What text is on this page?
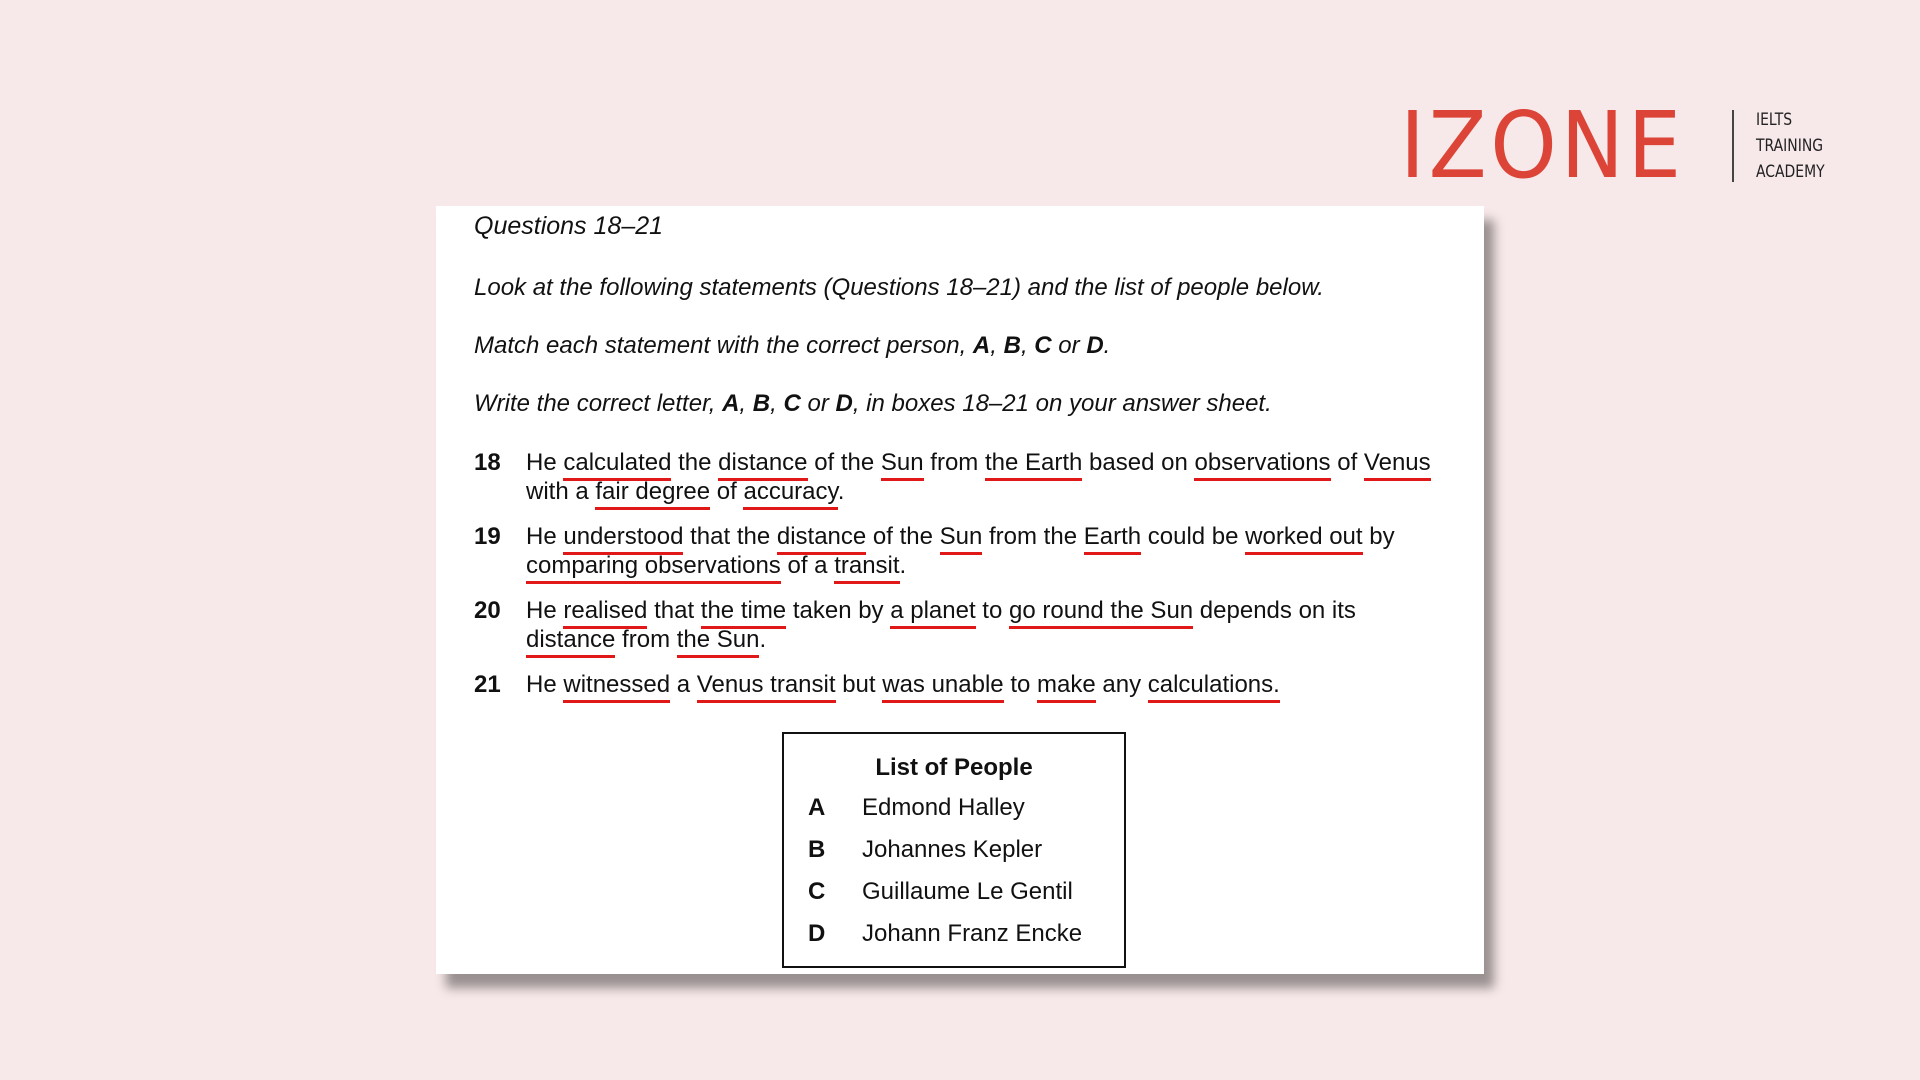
IZONE	IELTS
TRAINING
ACADEMY
Questions 18–21
Look at the following statements (Questions 18–21) and the list of people below.
Match each statement with the correct person, A, B, C or D.
Write the correct letter, A, B, C or D, in boxes 18–21 on your answer sheet.
18 He calculated the distance of the Sun from the Earth based on observations of Venus with a fair degree of accuracy.
19 He understood that the distance of the Sun from the Earth could be worked out by comparing observations of a transit.
20 He realised that the time taken by a planet to go round the Sun depends on its distance from the Sun.
21 He witnessed a Venus transit but was unable to make any calculations.
List of People
A Edmond Halley
B Johannes Kepler
C Guillaume Le Gentil
D Johann Franz Encke
